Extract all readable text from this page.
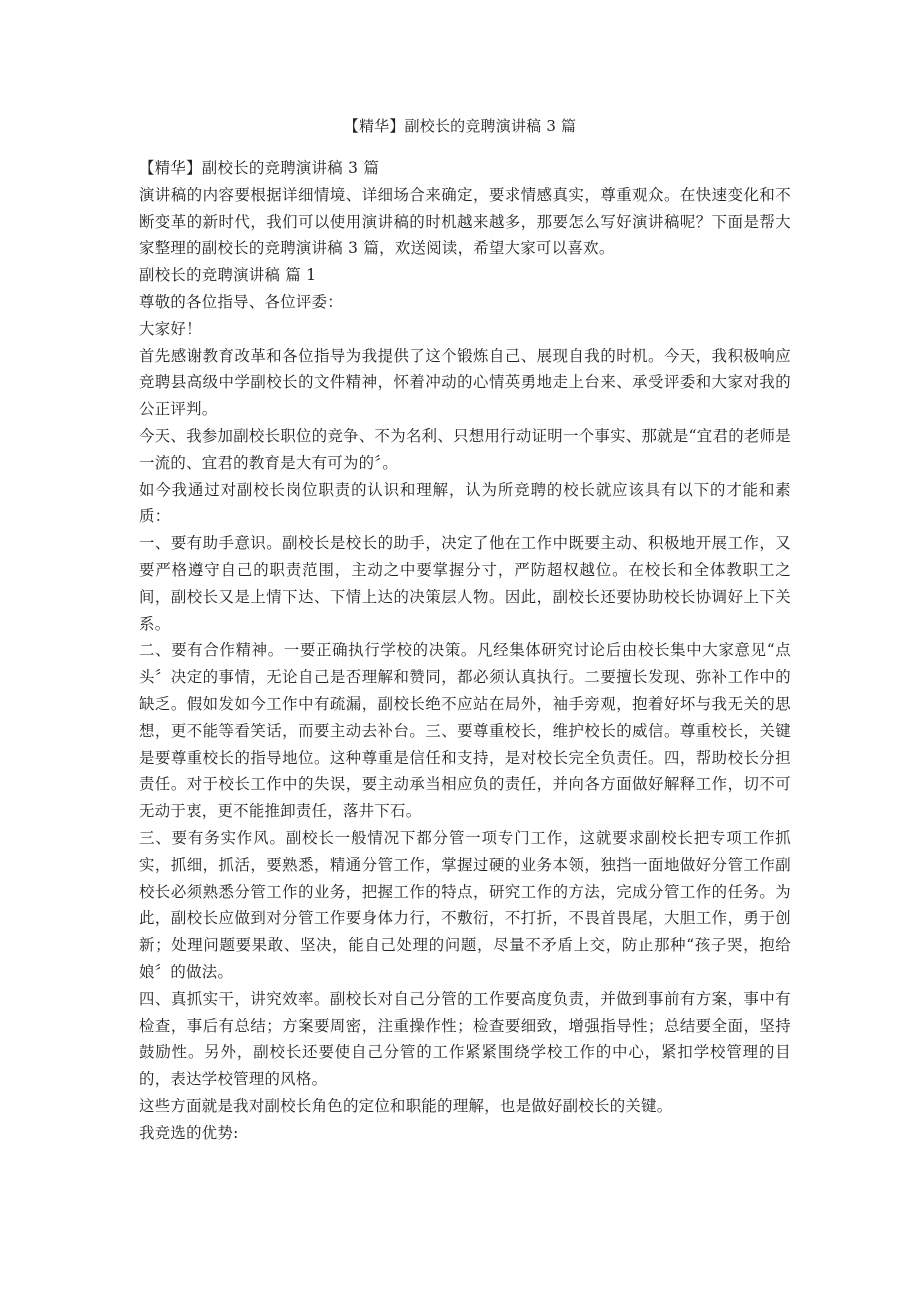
【精华】副校长的竞聘演讲稿 3 篇

【精华】副校长的竞聘演讲稿 3 篇

演讲稿的内容要根据详细情境、详细场合来确定，要求情感真实，尊重观众。在快速变化和不断变革的新时代，我们可以使用演讲稿的时机越来越多，那要怎么写好演讲稿呢？下面是帮大家整理的副校长的竞聘演讲稿 3 篇，欢送阅读，希望大家可以喜欢。

副校长的竞聘演讲稿 篇 1

尊敬的各位指导、各位评委：

大家好！

首先感谢教育改革和各位指导为我提供了这个锻炼自己、展现自我的时机。今天，我积极响应竞聘县高级中学副校长的文件精神，怀着冲动的心情英勇地走上台来、承受评委和大家对我的公正评判。

今天、我参加副校长职位的竞争、不为名利、只想用行动证明一个事实、那就是“宜君的老师是一流的、宜君的教育是大有可为的〞。

如今我通过对副校长岗位职责的认识和理解，认为所竞聘的校长就应该具有以下的才能和素质：

一、要有助手意识。副校长是校长的助手，决定了他在工作中既要主动、积极地开展工作，又要严格遵守自己的职责范围，主动之中要掌握分寸，严防超权越位。在校长和全体教职工之间，副校长又是上情下达、下情上达的决策层人物。因此，副校长还要协助校长协调好上下关系。

二、要有合作精神。一要正确执行学校的决策。凡经集体研究讨论后由校长集中大家意见“点头〞决定的事情，无论自己是否理解和赞同，都必须认真执行。二要擅长发现、弥补工作中的缺乏。假如发如今工作中有疏漏，副校长绝不应站在局外，袖手旁观，抱着好坏与我无关的思想，更不能等看笑话，而要主动去补台。三、要尊重校长，维护校长的威信。尊重校长，关键是要尊重校长的指导地位。这种尊重是信任和支持，是对校长完全负责任。四，帮助校长分担责任。对于校长工作中的失误，要主动承当相应负的责任，并向各方面做好解释工作，切不可无动于衷，更不能推卸责任，落井下石。

三、要有务实作风。副校长一般情况下都分管一项专门工作，这就要求副校长把专项工作抓实，抓细，抓活，要熟悉，精通分管工作，掌握过硬的业务本领，独挡一面地做好分管工作副校长必须熟悉分管工作的业务，把握工作的特点，研究工作的方法，完成分管工作的任务。为此，副校长应做到对分管工作要身体力行，不敷衍，不打折，不畏首畏尾，大胆工作，勇于创新；处理问题要果敢、坚决，能自己处理的问题，尽量不矛盾上交，防止那种“孩子哭，抱给娘〞的做法。

四、真抓实干，讲究效率。副校长对自己分管的工作要高度负责，并做到事前有方案，事中有检查，事后有总结；方案要周密，注重操作性；检查要细致，增强指导性；总结要全面，坚持鼓励性。另外，副校长还要使自己分管的工作紧紧围绕学校工作的中心，紧扣学校管理的目的，表达学校管理的风格。

这些方面就是我对副校长角色的定位和职能的理解，也是做好副校长的关键。

我竞选的优势:
